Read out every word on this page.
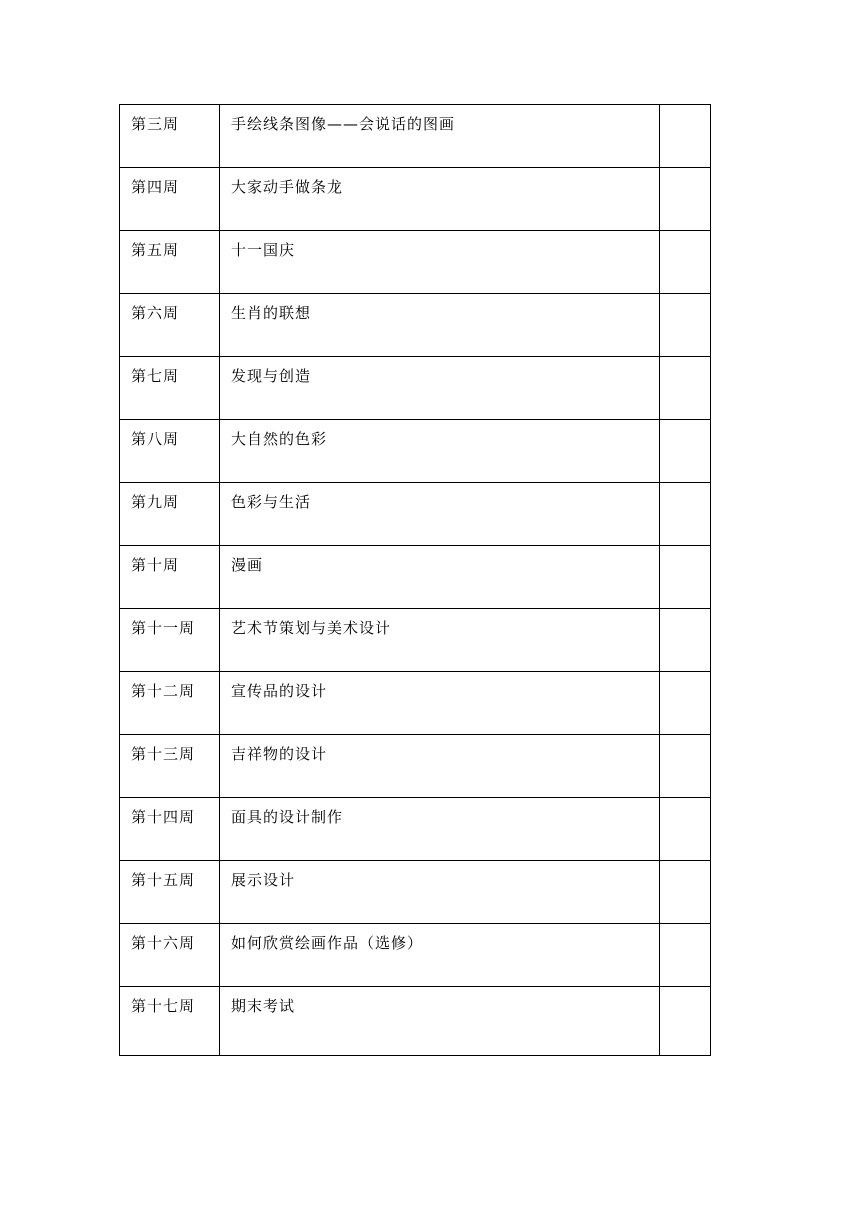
第三周	手绘线条图像——会说话的图画	

第四周	大家动手做条龙	

第五周	十一国庆	

第六周	生肖的联想	

第七周	发现与创造	

第八周	大自然的色彩	

第九周	色彩与生活	

第十周	漫画	

第十一周	艺术节策划与美术设计	

第十二周	宣传品的设计	

第十三周	吉祥物的设计	

第十四周	面具的设计制作	

第十五周	展示设计	

第十六周	如何欣赏绘画作品（选修）	

第十七周	期末考试	
